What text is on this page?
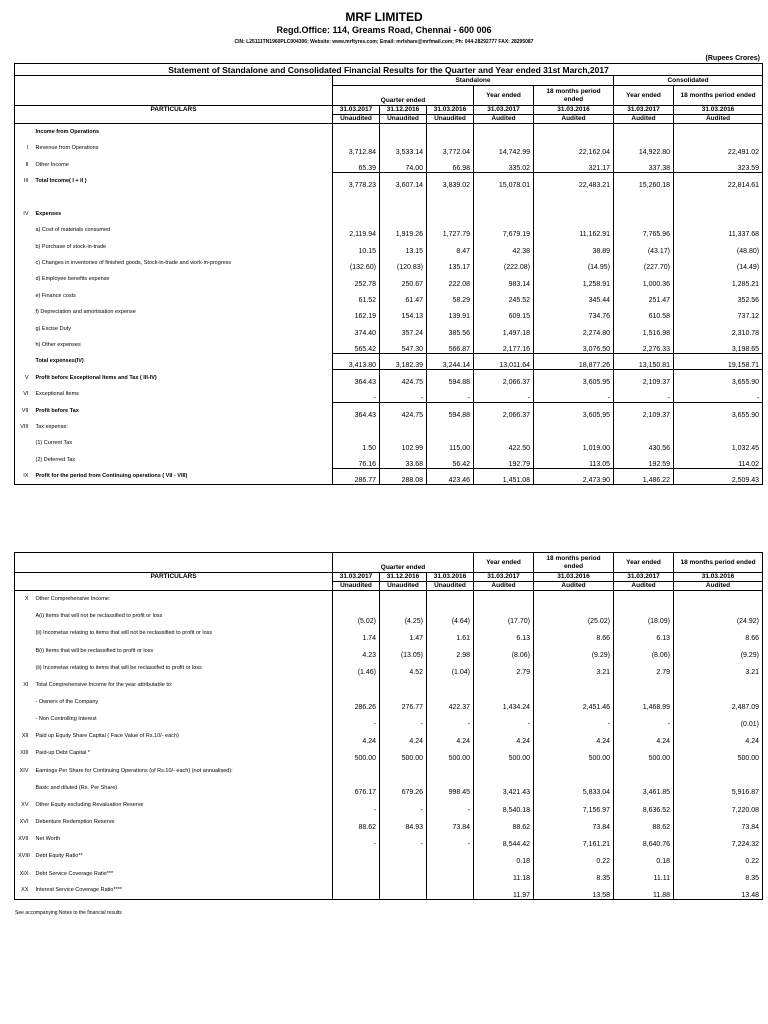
MRF LIMITED
Regd.Office: 114, Greams Road, Chennai - 600 006
CIN: L25111TN1960PLC004306; Website: www.mrftyres.com; Email: mrfshare@mrfmail.com; Ph: 044-28292777 FAX: 28295087
(Rupees Crores)
Statement of Standalone and Consolidated Financial Results for the Quarter and Year ended 31st March,2017								
		Standalone					Consolidated	
		Quarter ended			Year ended	18 months period ended	Year ended	18 months period ended
PARTICULARS		31.03.2017	31.12.2016	31.03.2016	31.03.2017	31.03.2016	31.03.2017	31.03.2016
		Unaudited	Unaudited	Unaudited	Audited	Audited	Audited	Audited
	Income from Operations							
I	Revenue from Operations	3,712.84	3,533.14	3,772.04	14,742.99	22,162.04	14,922.80	22,491.02
II	Other Income	65.39	74.00	66.98	335.02	321.17	337.38	323.59
III	Total Income( I + II )	3,778.23	3,607.14	3,839.02	15,078.01	22,483.21	15,260.18	22,814.61

IV	Expenses							
	a) Cost of materials consumed	2,119.94	1,919.26	1,727.79	7,679.19	11,162.91	7,765.96	11,337.68
	b) Purchase of stock-in-trade	10.15	13.15	8.47	42.38	38.89	(43.17)	(48.80)
	c) Changes in inventories of finished goods, Stock-in-trade and work-in-progress	(132.60)	(120.83)	135.17	(222.08)	(14.95)	(227.70)	(14.49)
	d) Employee benefits expense	252.78	250.67	222.08	983.14	1,258.91	1,000.36	1,285.21
	e) Finance costs	61.52	61.47	58.29	245.52	345.44	251.47	352.56
	f) Depreciation and amortisation expense	162.19	154.13	139.91	609.15	734.76	610.58	737.12
	g) Excise Duty	374.40	357.24	385.56	1,497.18	2,274.80	1,516.98	2,310.78
	h) Other expenses	565.42	547.30	566.87	2,177.16	3,076.50	2,276.33	3,198.65
	Total expenses(IV)	3,413.80	3,182.39	3,244.14	13,011.64	18,877.26	13,150.81	19,158.71
V	Profit before Exceptional Items and Tax ( III-IV)	364.43	424.75	594.88	2,066.37	3,605.95	2,109.37	3,655.90
VI	Exceptional Items	-	-	-	-	-	-	-
VII	Profit before Tax	364.43	424.75	594.88	2,066.37	3,605.95	2,109.37	3,655.90
VIII	Tax expense:							
	(1) Current Tax	1.50	102.99	115.00	422.50	1,019.00	430.56	1,032.45
	(2) Deferred Tax	76.16	33.68	56.42	192.79	113.05	192.59	114.02
IX	Profit for the period from Continuing operations ( VII - VIII)	286.77	288.08	423.46	1,451.08	2,473.90	1,486.22	2,509.43
		Quarter ended			Year ended	18 months period ended	Year ended	18 months period ended
PARTICULARS		31.03.2017	31.12.2016	31.03.2016	31.03.2017	31.03.2016	31.03.2017	31.03.2016
		Unaudited	Unaudited	Unaudited	Audited	Audited	Audited	Audited
X	Other Comprehensive Income:							
	A(i) Items that will not be reclassified to profit or loss	(5.02)	(4.25)	(4.64)	(17.70)	(25.02)	(18.09)	(24.92)
	(ii) Incometax relating to items that will not be reclassified to profit or loss	1.74	1.47	1.61	6.13	8.66	6.13	8.66
	B(i) Items that will be reclassified to profit or loss	4.23	(13.05)	2.98	(8.06)	(9.29)	(8.06)	(9.29)
	(ii) Incometax relating to items that will be reclassifed to profit or loss	(1.46)	4.52	(1.04)	2.79	3.21	2.79	3.21
XI	Total Comprehensive Income for the year attributable to:							
	- Owners of the Company	286.26	276.77	422.37	1,434.24	2,451.46	1,468.99	2,487.09
	- Non Controlling Interest	-	-	-	-	-	-	(0.01)
XII	Paid up Equity Share Capital ( Face Value of Rs.10/- each)	4.24	4.24	4.24	4.24	4.24	4.24	4.24
XIII	Paid-up Debt Capital *	500.00	500.00	500.00	500.00	500.00	500.00	500.00
XIV	Earnings Per Share for Continuing Operations (of Rs.10/- each) (not annualised):							
	Basic and diluted (Rs. Per Share)	676.17	679.26	998.45	3,421.43	5,833.04	3,461.85	5,916.87
XV	Other Equity excluding Revaluation Reserve	-	-	-	8,540.18	7,156.97	8,636.52	7,220.08
XVI	Debenture Redemption Reserve	88.62	84.93	73.84	88.62	73.84	88.62	73.84
XVII	Net Worth	-	-	-	8,544.42	7,161.21	8,640.76	7,224.32
XVIII	Debt Equity Ratio**				0.18	0.22	0.18	0.22
XIX	Debt Service Coverage Ratio***				11.18	8.35	11.11	8.35
XX	Interest Service Coverage Ratio****				11.97	13.58	11.88	13.48
See accompanying Notes to the financial results
